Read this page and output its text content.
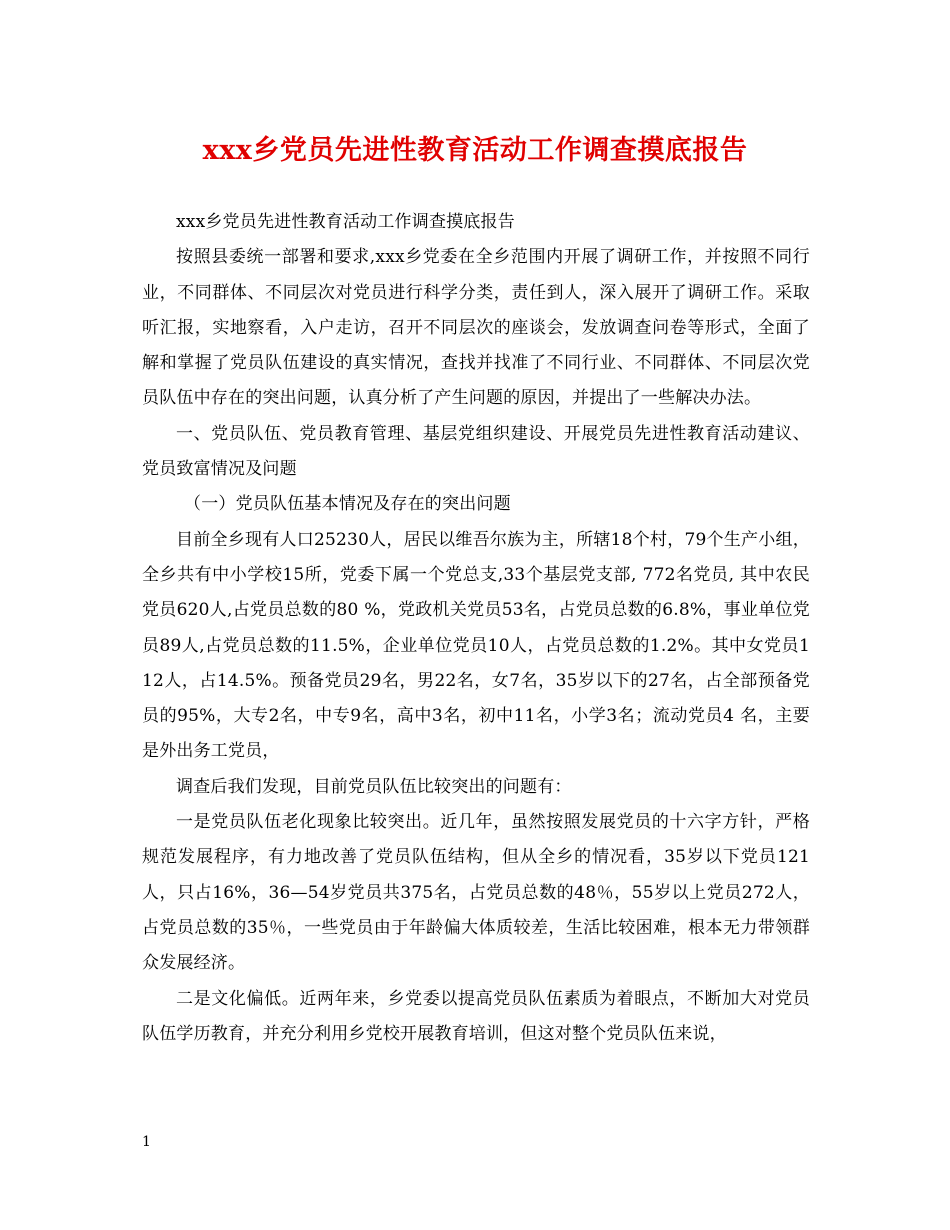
xxx乡党员先进性教育活动工作调查摸底报告

xxx乡党员先进性教育活动工作调查摸底报告

按照县委统一部署和要求,xxx乡党委在全乡范围内开展了调研工作，并按照不同行业，不同群体、不同层次对党员进行科学分类，责任到人，深入展开了调研工作。采取听汇报，实地察看，入户走访，召开不同层次的座谈会，发放调查问卷等形式，全面了解和掌握了党员队伍建设的真实情况，查找并找准了不同行业、不同群体、不同层次党员队伍中存在的突出问题，认真分析了产生问题的原因，并提出了一些解决办法。

一、党员队伍、党员教育管理、基层党组织建设、开展党员先进性教育活动建议、党员致富情况及问题

（一）党员队伍基本情况及存在的突出问题

目前全乡现有人口25230人，居民以维吾尔族为主，所辖18个村，79个生产小组，全乡共有中小学校15所，党委下属一个党总支,33个基层党支部, 772名党员, 其中农民党员620人,占党员总数的80 %，党政机关党员53名，占党员总数的6.8%，事业单位党员89人,占党员总数的11.5%，企业单位党员10人，占党员总数的1.2%。其中女党员112人，占14.5%。预备党员29名，男22名，女7名，35岁以下的27名，占全部预备党员的95%，大专2名，中专9名，高中3名，初中11名，小学3名；流动党员4 名，主要是外出务工党员，

调查后我们发现，目前党员队伍比较突出的问题有：

一是党员队伍老化现象比较突出。近几年，虽然按照发展党员的十六字方针，严格规范发展程序，有力地改善了党员队伍结构，但从全乡的情况看，35岁以下党员121人，只占16%，36—54岁党员共375名，占党员总数的48％，55岁以上党员272人，占党员总数的35％，一些党员由于年龄偏大体质较差，生活比较困难，根本无力带领群众发展经济。

二是文化偏低。近两年来，乡党委以提高党员队伍素质为着眼点，不断加大对党员队伍学历教育，并充分利用乡党校开展教育培训，但这对整个党员队伍来说，

1
